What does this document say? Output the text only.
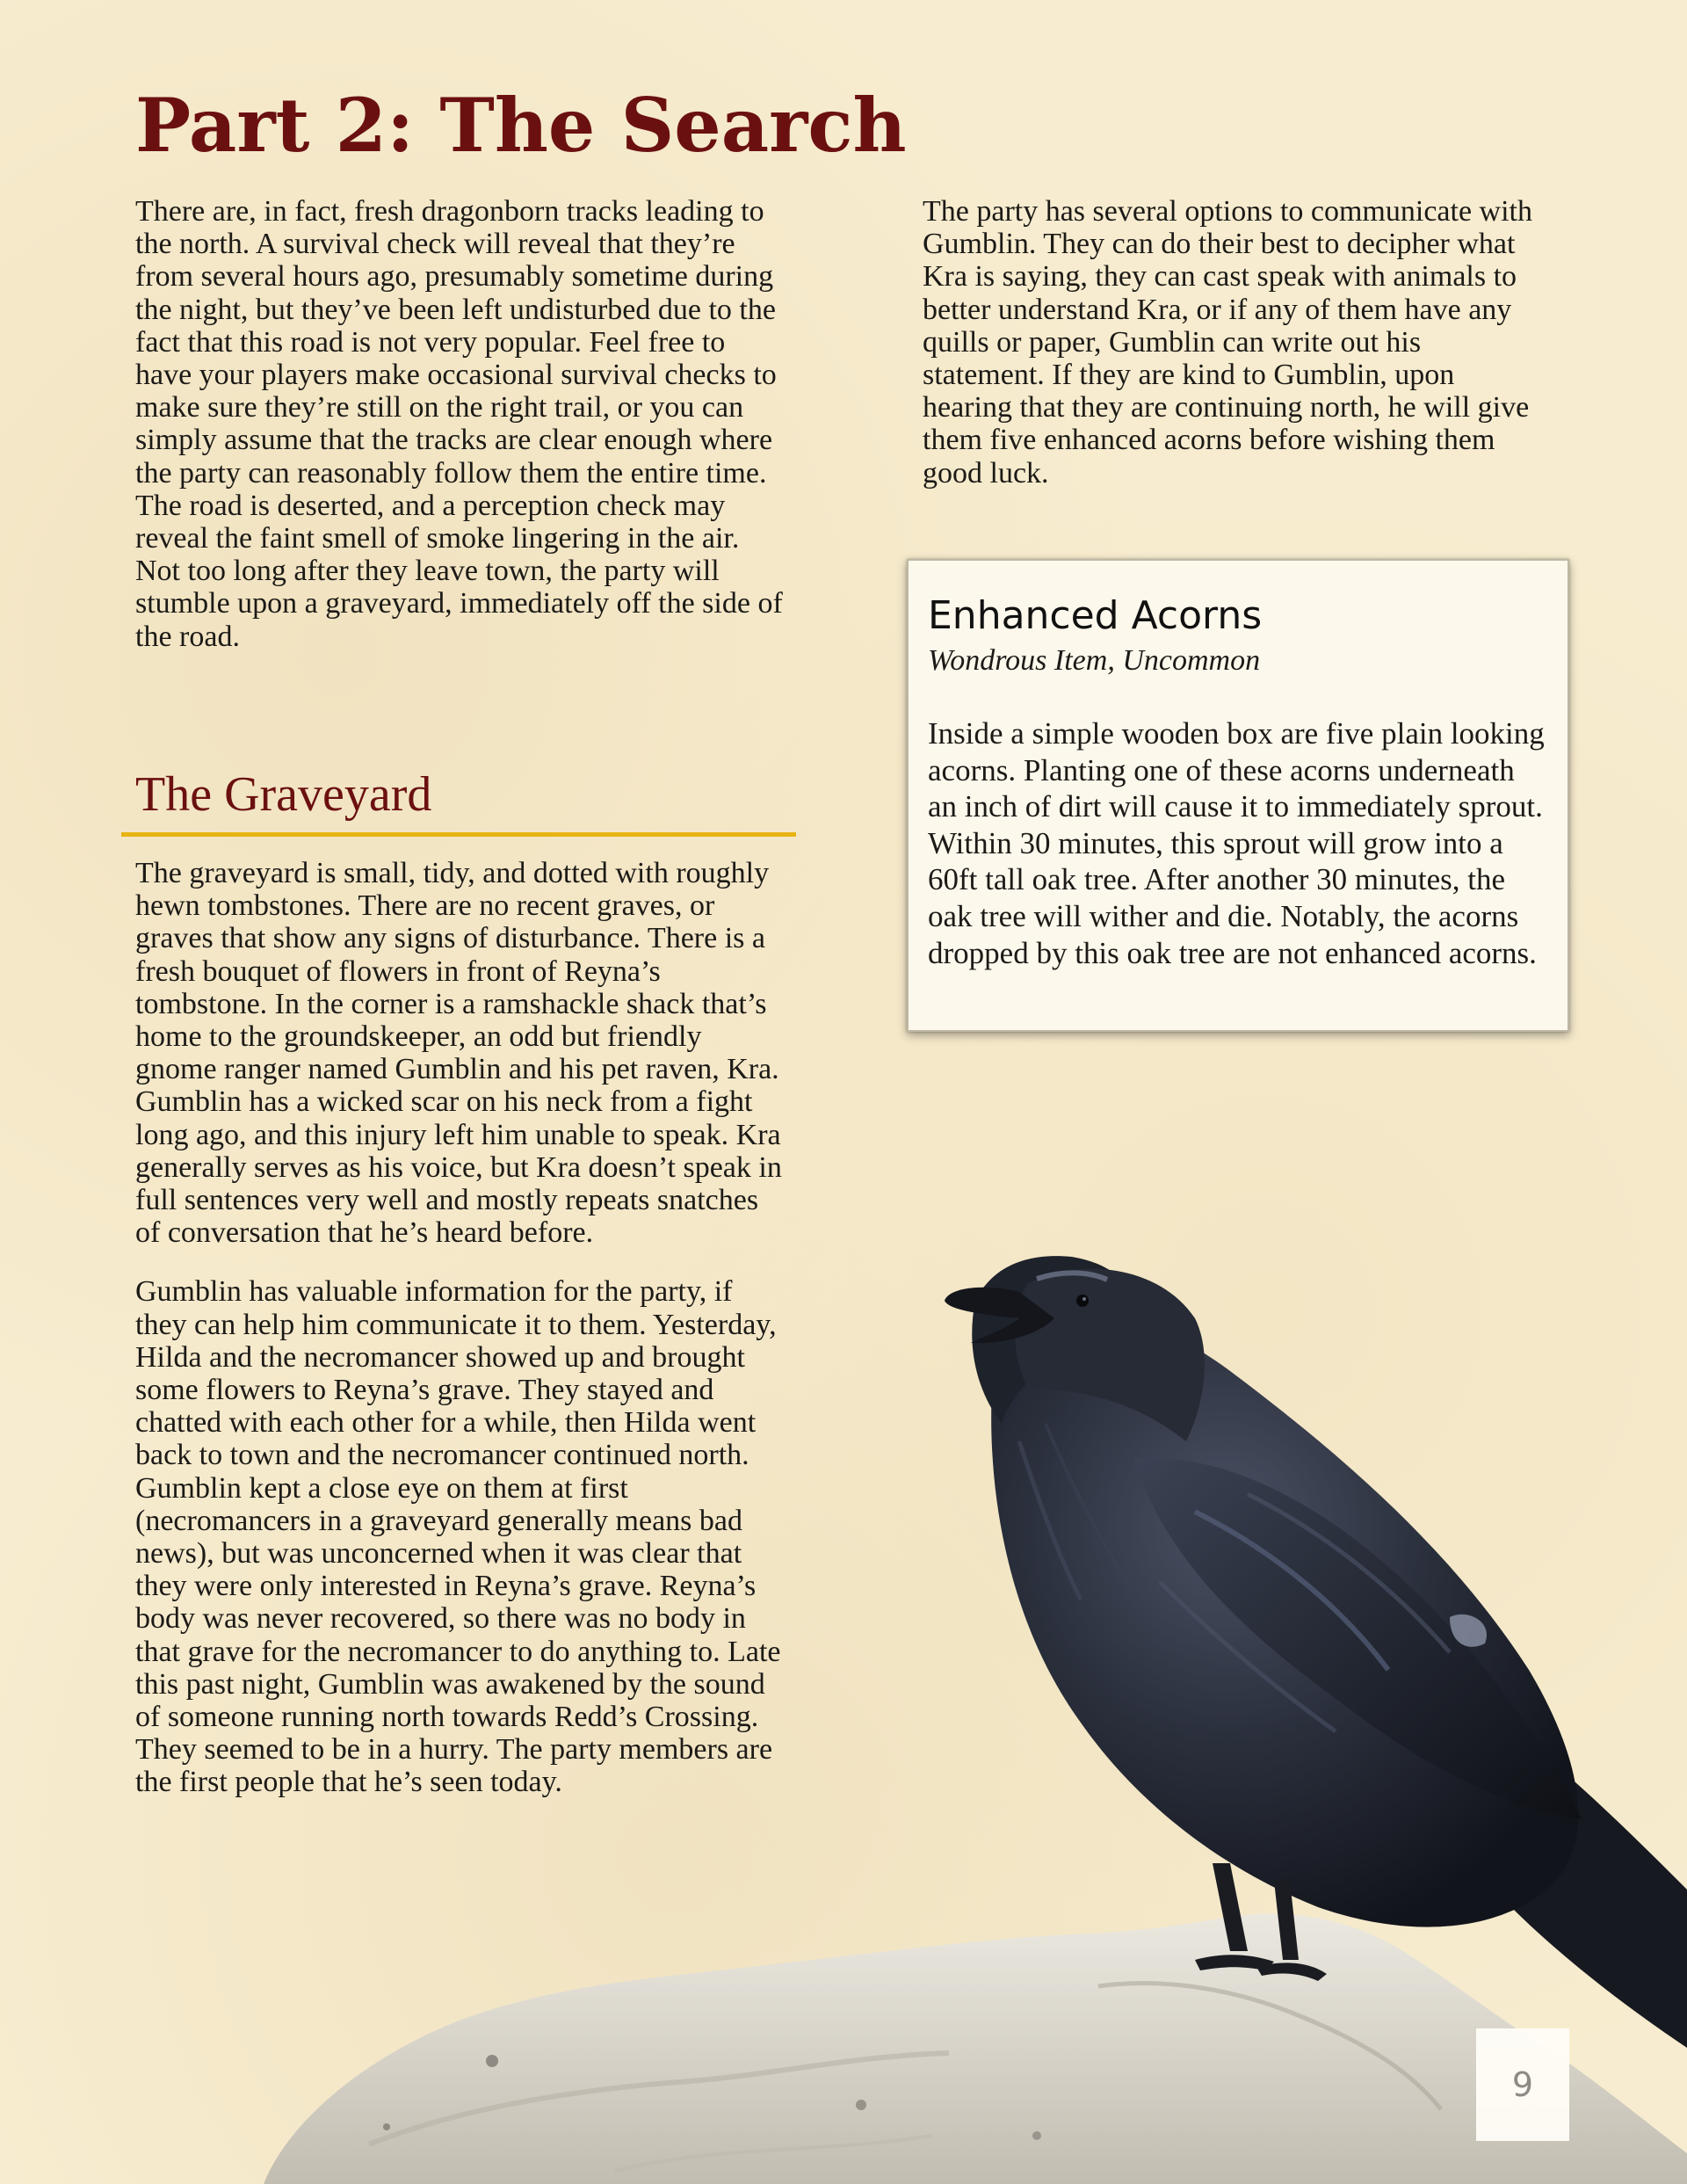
Part 2: The Search

There are, in fact, fresh dragonborn tracks leading to the north. A survival check will reveal that they’re from several hours ago, presumably sometime during the night, but they’ve been left undisturbed due to the fact that this road is not very popular. Feel free to have your players make occasional survival checks to make sure they’re still on the right trail, or you can simply assume that the tracks are clear enough where the party can reasonably follow them the entire time. The road is deserted, and a perception check may reveal the faint smell of smoke lingering in the air. Not too long after they leave town, the party will stumble upon a graveyard, immediately off the side of the road.

The Graveyard

The graveyard is small, tidy, and dotted with roughly hewn tombstones. There are no recent graves, or graves that show any signs of disturbance. There is a fresh bouquet of flowers in front of Reyna’s tombstone. In the corner is a ramshackle shack that’s home to the groundskeeper, an odd but friendly gnome ranger named Gumblin and his pet raven, Kra. Gumblin has a wicked scar on his neck from a fight long ago, and this injury left him unable to speak. Kra generally serves as his voice, but Kra doesn’t speak in full sentences very well and mostly repeats snatches of conversation that he’s heard before.

Gumblin has valuable information for the party, if they can help him communicate it to them. Yesterday, Hilda and the necromancer showed up and brought some flowers to Reyna’s grave. They stayed and chatted with each other for a while, then Hilda went back to town and the necromancer continued north. Gumblin kept a close eye on them at first (necromancers in a graveyard generally means bad news), but was unconcerned when it was clear that they were only interested in Reyna’s grave. Reyna’s body was never recovered, so there was no body in that grave for the necromancer to do anything to. Late this past night, Gumblin was awakened by the sound of someone running north towards Redd’s Crossing. They seemed to be in a hurry. The party members are the first people that he’s seen today.

The party has several options to communicate with Gumblin. They can do their best to decipher what Kra is saying, they can cast speak with animals to better understand Kra, or if any of them have any quills or paper, Gumblin can write out his statement. If they are kind to Gumblin, upon hearing that they are continuing north, he will give them five enhanced acorns before wishing them good luck.

Enhanced Acorns

Wondrous Item, Uncommon

Inside a simple wooden box are five plain looking acorns. Planting one of these acorns underneath an inch of dirt will cause it to immediately sprout. Within 30 minutes, this sprout will grow into a 60ft tall oak tree. After another 30 minutes, the oak tree will wither and die. Notably, the acorns dropped by this oak tree are not enhanced acorns.

9
